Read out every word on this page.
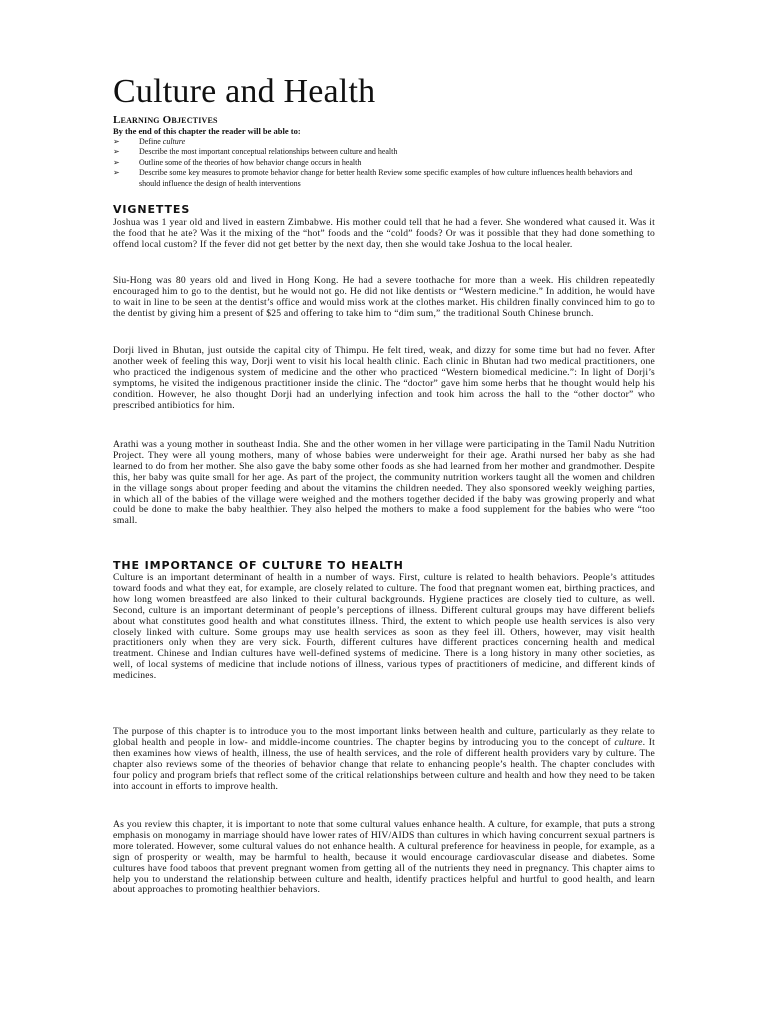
Culture and Health
Learning Objectives
By the end of this chapter the reader will be able to:
➢ Define culture
➢ Describe the most important conceptual relationships between culture and health
➢ Outline some of the theories of how behavior change occurs in health
➢ Describe some key measures to promote behavior change for better health Review some specific examples of how culture influences health behaviors and should influence the design of health interventions
VIGNETTES

Joshua was 1 year old and lived in eastern Zimbabwe. His mother could tell that he had a fever. She wondered what caused it. Was it the food that he ate? Was it the mixing of the “hot” foods and the “cold” foods? Or was it possible that they had done something to offend local custom? If the fever did not get better by the next day, then she would take Joshua to the local healer.

Siu-Hong was 80 years old and lived in Hong Kong. He had a severe toothache for more than a week. His children repeatedly encouraged him to go to the dentist, but he would not go. He did not like dentists or “Western medicine.” In addition, he would have to wait in line to be seen at the dentist’s office and would miss work at the clothes market. His children finally convinced him to go to the dentist by giving him a present of $25 and offering to take him to “dim sum,” the traditional South Chinese brunch.

Dorji lived in Bhutan, just outside the capital city of Thimpu. He felt tired, weak, and dizzy for some time but had no fever. After another week of feeling this way, Dorji went to visit his local health clinic. Each clinic in Bhutan had two medical practitioners, one who practiced the indigenous system of medicine and the other who practiced “Western biomedical medicine.”: In light of Dorji’s symptoms, he visited the indigenous practitioner inside the clinic. The “doctor” gave him some herbs that he thought would help his condition. However, he also thought Dorji had an underlying infection and took him across the hall to the “other doctor” who prescribed antibiotics for him.

Arathi was a young mother in southeast India. She and the other women in her village were participating in the Tamil Nadu Nutrition Project. They were all young mothers, many of whose babies were underweight for their age. Arathi nursed her baby as she had learned to do from her mother. She also gave the baby some other foods as she had learned from her mother and grandmother. Despite this, her baby was quite small for her age. As part of the project, the community nutrition workers taught all the women and children in the village songs about proper feeding and about the vitamins the children needed. They also sponsored weekly weighing parties, in which all of the babies of the village were weighed and the mothers together decided if the baby was growing properly and what could be done to make the baby healthier. They also helped the mothers to make a food supplement for the babies who were “too small.

THE IMPORTANCE OF CULTURE TO HEALTH

Culture is an important determinant of health in a number of ways. First, culture is related to health behaviors. People’s attitudes toward foods and what they eat, for example, are closely related to culture. The food that pregnant women eat, birthing practices, and how long women breastfeed are also linked to their cultural backgrounds. Hygiene practices are closely tied to culture, as well. Second, culture is an important determinant of people’s perceptions of illness. Different cultural groups may have different beliefs about what constitutes good health and what constitutes illness. Third, the extent to which people use health services is also very closely linked with culture. Some groups may use health services as soon as they feel ill. Others, however, may visit health practitioners only when they are very sick. Fourth, different cultures have different practices concerning health and medical treatment. Chinese and Indian cultures have well-defined systems of medicine. There is a long history in many other societies, as well, of local systems of medicine that include notions of illness, various types of practitioners of medicine, and different kinds of medicines.

The purpose of this chapter is to introduce you to the most important links between health and culture, particularly as they relate to global health and people in low- and middle-income countries. The chapter begins by introducing you to the concept of culture. It then examines how views of health, illness, the use of health services, and the role of different health providers vary by culture. The chapter also reviews some of the theories of behavior change that relate to enhancing people’s health. The chapter concludes with four policy and program briefs that reflect some of the critical relationships between culture and health and how they need to be taken into account in efforts to improve health.

As you review this chapter, it is important to note that some cultural values enhance health. A culture, for example, that puts a strong emphasis on monogamy in marriage should have lower rates of HIV/AIDS than cultures in which having concurrent sexual partners is more tolerated. However, some cultural values do not enhance health. A cultural preference for heaviness in people, for example, as a sign of prosperity or wealth, may be harmful to health, because it would encourage cardiovascular disease and diabetes. Some cultures have food taboos that prevent pregnant women from getting all of the nutrients they need in pregnancy. This chapter aims to help you to understand the relationship between culture and health, identify practices helpful and hurtful to good health, and learn about approaches to promoting healthier behaviors.
